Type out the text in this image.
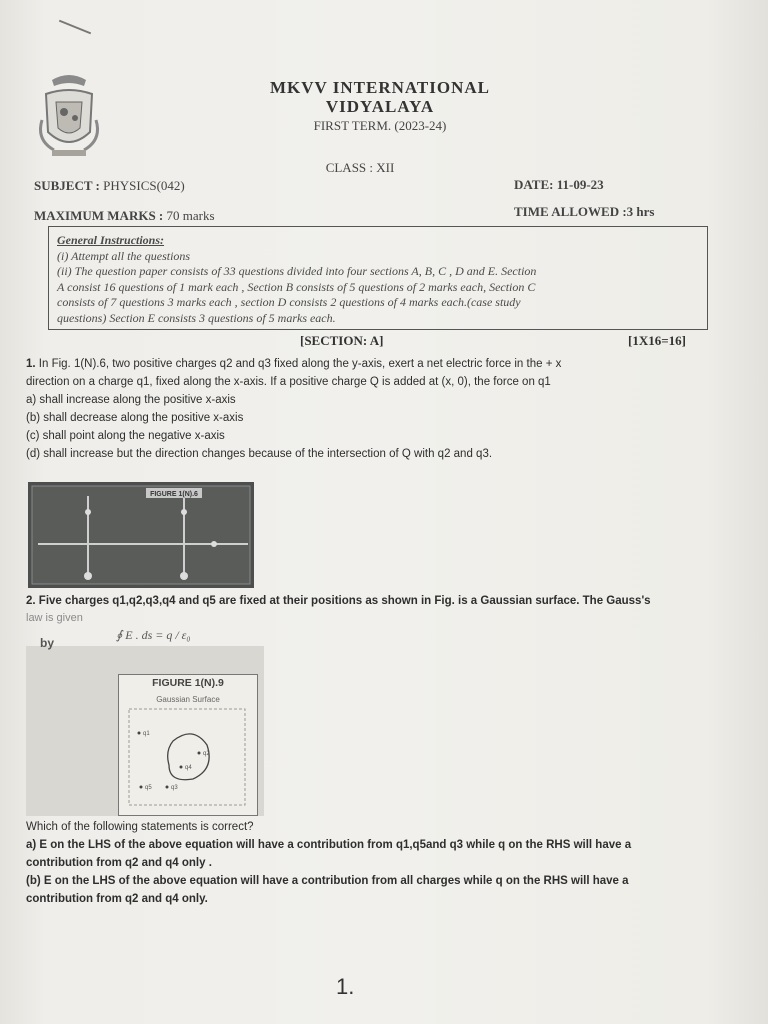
MKVV INTERNATIONAL
VIDYALAYA
FIRST TERM. (2023-24)
CLASS : XII
SUBJECT : PHYSICS(042)	DATE: 11-09-23
MAXIMUM MARKS : 70 marks	TIME ALLOWED :3 hrs
General Instructions:
(i) Attempt all the questions
(ii) The question paper consists of 33 questions divided into four sections A, B, C , D and E. Section
A consist 16 questions of 1 mark each , Section B consists of 5 questions of 2 marks each, Section C
consists of 7 questions 3 marks each , section D consists 2 questions of 4 marks each.(case study
questions) Section E consists 3 questions of 5 marks each.
[SECTION: A]	[1X16=16]
1. In Fig. 1(N).6, two positive charges q2 and q3 fixed along the y-axis, exert a net electric force in the + x
direction on a charge q1, fixed along the x-axis. If a positive charge Q is added at (x, 0), the force on q1
a) shall increase along the positive x-axis
(b) shall decrease along the positive x-axis
(c) shall point along the negative x-axis
(d) shall increase but the direction changes because of the intersection of Q with q2 and q3.
FIGURE 1(N).6
2. Five charges q1,q2,q3,q4 and q5 are fixed at their positions as shown in Fig. is a Gaussian surface. The Gauss's
law is given
by
∮ E . ds = q / ε₀
FIGURE 1(N).9
Gaussian Surface
q1
q2
q4
q5	q3
Which of the following statements is correct?
a) E on the LHS of the above equation will have a contribution from q1,q5and q3 while q on the RHS will have a
contribution from q2 and q4 only .
(b) E on the LHS of the above equation will have a contribution from all charges while q on the RHS will have a
contribution from q2 and q4 only.
1.
